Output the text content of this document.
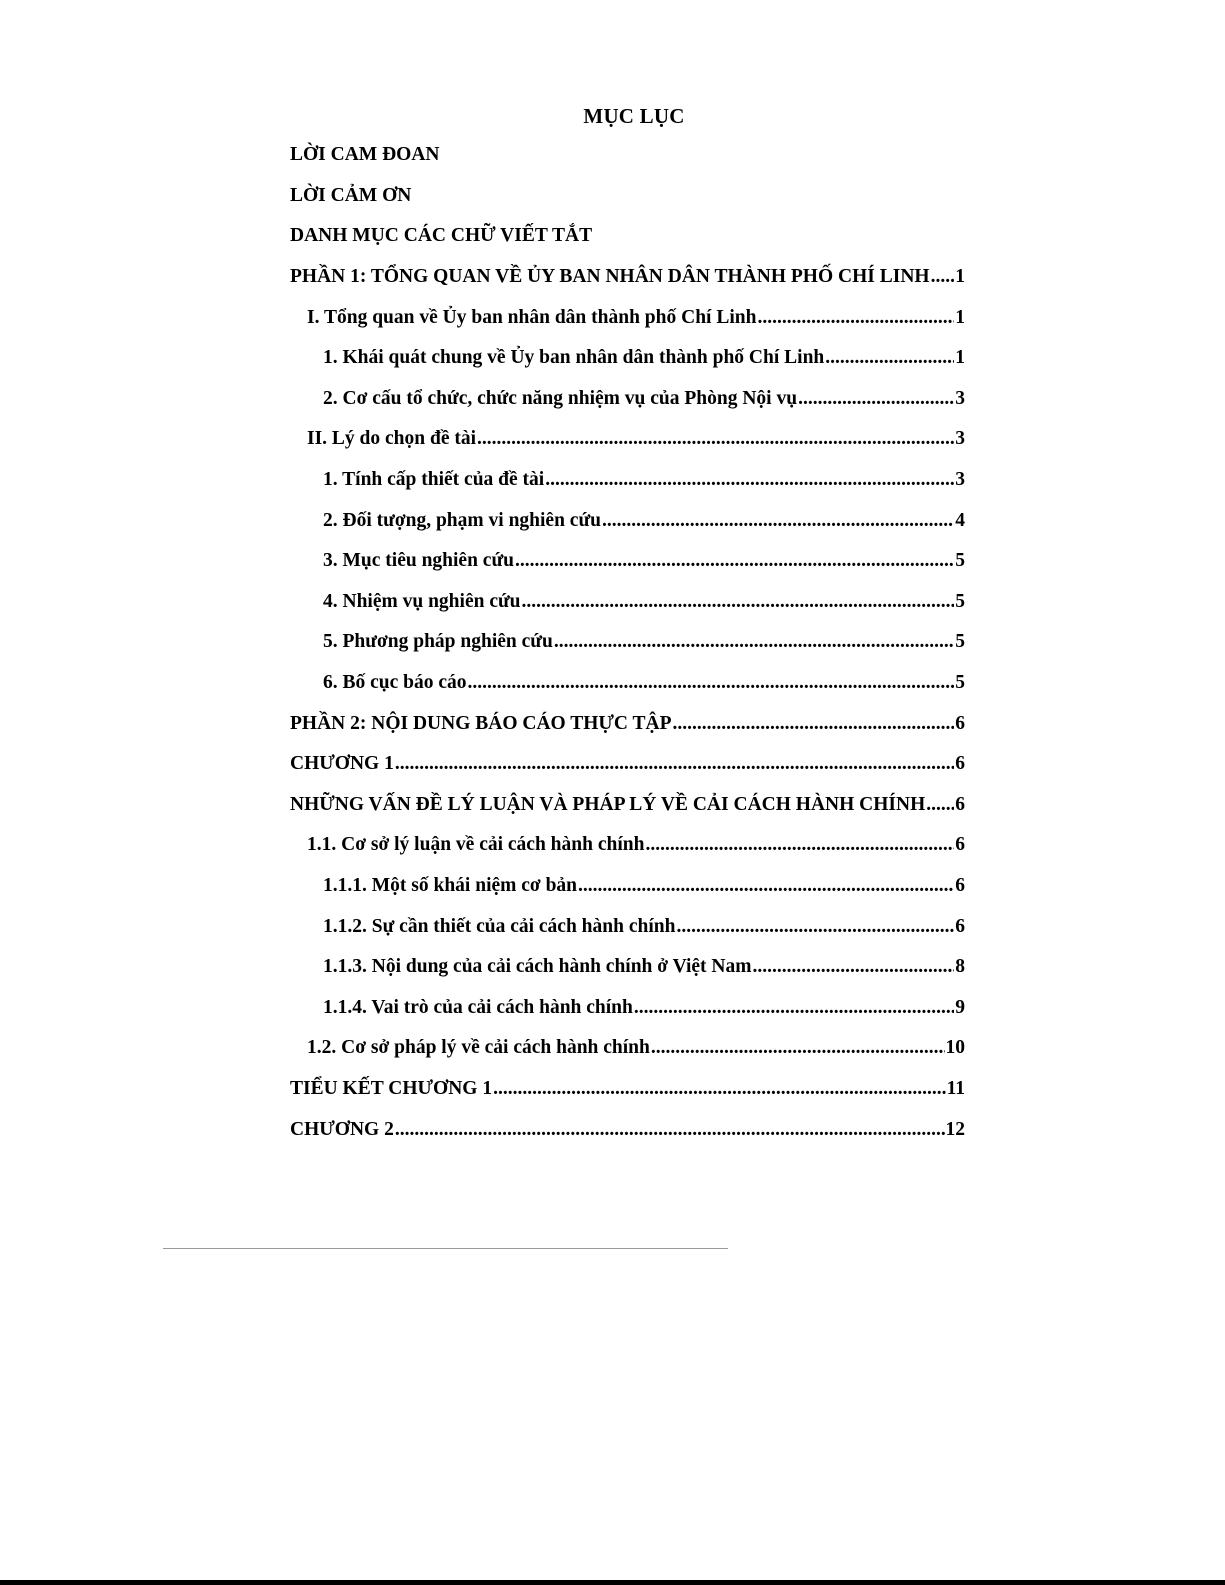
MỤC LỤC
LỜI CAM ĐOAN
LỜI CẢM ƠN
DANH MỤC CÁC CHỮ VIẾT TẮT
PHẦN 1: TỔNG QUAN VỀ ỦY BAN NHÂN DÂN THÀNH PHỐ CHÍ LINH ..... 1
I. Tổng quan về Ủy ban nhân dân thành phố Chí Linh .....	1
1. Khái quát chung về Ủy ban nhân dân thành phố Chí Linh .....	1
2. Cơ cấu tổ chức, chức năng nhiệm vụ của Phòng Nội vụ .....	3
II. Lý do chọn đề tài .....	3
1. Tính cấp thiết của đề tài .....	3
2. Đối tượng, phạm vi nghiên cứu .....	4
3. Mục tiêu nghiên cứu .....	5
4. Nhiệm vụ nghiên cứu .....	5
5. Phương pháp nghiên cứu .....	5
6. Bố cục báo cáo .....	5
PHẦN 2: NỘI DUNG BÁO CÁO THỰC TẬP .....	6
CHƯƠNG 1 .....	6
NHỮNG VẤN ĐỀ LÝ LUẬN VÀ PHÁP LÝ VỀ CẢI CÁCH HÀNH CHÍNH ..... 6
1.1. Cơ sở lý luận về cải cách hành chính .....	6
1.1.1. Một số khái niệm cơ bản .....	6
1.1.2. Sự cần thiết của cải cách hành chính .....	6
1.1.3. Nội dung của cải cách hành chính ở Việt Nam .....	8
1.1.4. Vai trò của cải cách hành chính .....	9
1.2. Cơ sở pháp lý về cải cách hành chính .....	10
TIỂU KẾT CHƯƠNG 1 .....	11
CHƯƠNG 2 .....	12
